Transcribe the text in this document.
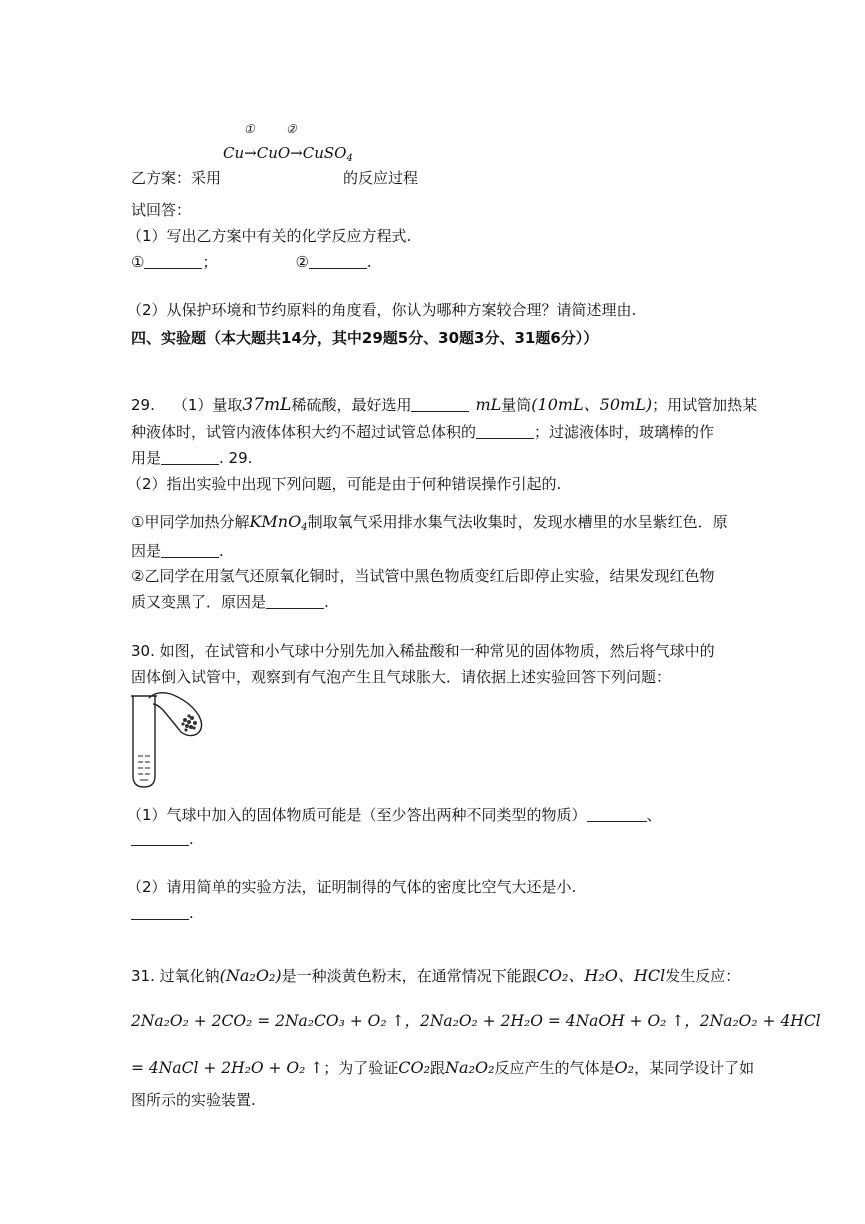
①	②
Cu→CuO→CuSO$_4$
乙方案：采用	的反应过程
试回答：
（1）写出乙方案中有关的化学反应方程式.
①	；	②	.
（2）从保护环境和节约原料的角度看，你认为哪种方案较合理？请简述理由.
四、实验题（本大题共14分，其中29题5分、30题3分、31题6分））
29. （1）量取37mL稀硫酸，最好选用	mL量筒(10mL、50mL)；用试管加热某
种液体时，试管内液体体积大约不超过试管总体积的	；过滤液体时，玻璃棒的作
用是	. 29.
（2）指出实验中出现下列问题，可能是由于何种错误操作引起的.
①甲同学加热分解KMnO$_4$制取氧气采用排水集气法收集时，发现水槽里的水呈紫红色．原
因是	.
②乙同学在用氢气还原氧化铜时，当试管中黑色物质变红后即停止实验，结果发现红色物
质又变黑了．原因是	.
30. 如图，在试管和小气球中分别先加入稀盐酸和一种常见的固体物质，然后将气球中的
固体倒入试管中，观察到有气泡产生且气球胀大．请依据上述实验回答下列问题：
（1）气球中加入的固体物质可能是（至少答出两种不同类型的物质）	、
.
（2）请用简单的实验方法，证明制得的气体的密度比空气大还是小.
.
31. 过氧化钠(Na₂O₂)是一种淡黄色粉末，在通常情况下能跟CO₂、H₂O、HCl发生反应：
2Na₂O₂ + 2CO₂ = 2Na₂CO₃ + O₂ ↑，2Na₂O₂ + 2H₂O = 4NaOH + O₂ ↑，2Na₂O₂ + 4HCl
= 4NaCl + 2H₂O + O₂ ↑；为了验证CO₂跟Na₂O₂反应产生的气体是O₂，某同学设计了如
图所示的实验装置.
